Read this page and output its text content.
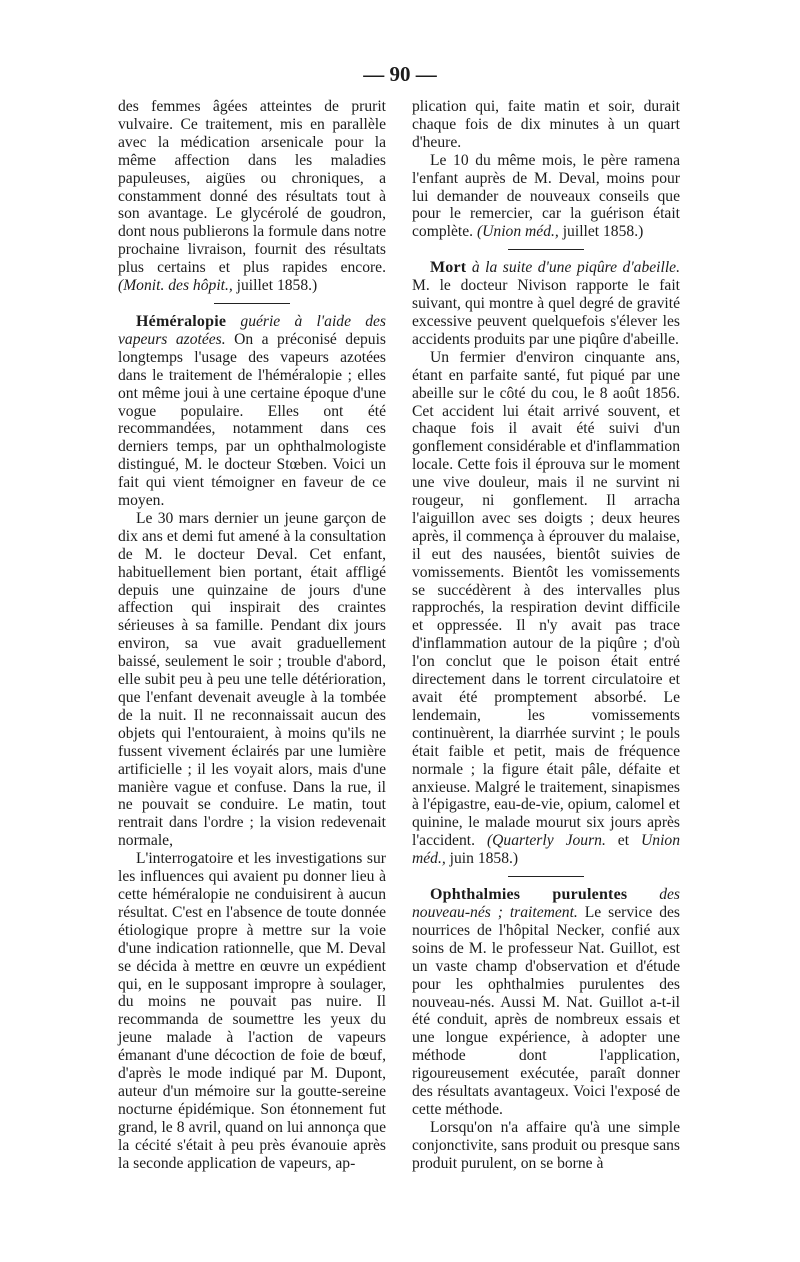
— 90 —

des femmes âgées atteintes de prurit vulvaire. Ce traitement, mis en parallèle avec la médication arsenicale pour la même affection dans les maladies papuleuses, aigües ou chroniques, a constamment donné des résultats tout à son avantage. Le glycérolé de goudron, dont nous publierons la formule dans notre prochaine livraison, fournit des résultats plus certains et plus rapides encore. (Monit. des hôpit., juillet 1858.)

Héméralopie guérie à l'aide des vapeurs azotées. On a préconisé depuis longtemps l'usage des vapeurs azotées dans le traitement de l'héméralopie ; elles ont même joui à une certaine époque d'une vogue populaire. Elles ont été recommandées, notamment dans ces derniers temps, par un ophthalmologiste distingué, M. le docteur Stœben. Voici un fait qui vient témoigner en faveur de ce moyen.

Le 30 mars dernier un jeune garçon de dix ans et demi fut amené à la consultation de M. le docteur Deval. Cet enfant, habituellement bien portant, était affligé depuis une quinzaine de jours d'une affection qui inspirait des craintes sérieuses à sa famille. Pendant dix jours environ, sa vue avait graduellement baissé, seulement le soir ; trouble d'abord, elle subit peu à peu une telle détérioration, que l'enfant devenait aveugle à la tombée de la nuit. Il ne reconnaissait aucun des objets qui l'entouraient, à moins qu'ils ne fussent vivement éclairés par une lumière artificielle ; il les voyait alors, mais d'une manière vague et confuse. Dans la rue, il ne pouvait se conduire. Le matin, tout rentrait dans l'ordre ; la vision redevenait normale,

L'interrogatoire et les investigations sur les influences qui avaient pu donner lieu à cette héméralopie ne conduisirent à aucun résultat. C'est en l'absence de toute donnée étiologique propre à mettre sur la voie d'une indication rationnelle, que M. Deval se décida à mettre en œuvre un expédient qui, en le supposant impropre à soulager, du moins ne pouvait pas nuire. Il recommanda de soumettre les yeux du jeune malade à l'action de vapeurs émanant d'une décoction de foie de bœuf, d'après le mode indiqué par M. Dupont, auteur d'un mémoire sur la goutte-sereine nocturne épidémique. Son étonnement fut grand, le 8 avril, quand on lui annonça que la cécité s'était à peu près évanouie après la seconde application de vapeurs, ap-

plication qui, faite matin et soir, durait chaque fois de dix minutes à un quart d'heure.

Le 10 du même mois, le père ramena l'enfant auprès de M. Deval, moins pour lui demander de nouveaux conseils que pour le remercier, car la guérison était complète. (Union méd., juillet 1858.)

Mort à la suite d'une piqûre d'abeille. M. le docteur Nivison rapporte le fait suivant, qui montre à quel degré de gravité excessive peuvent quelquefois s'élever les accidents produits par une piqûre d'abeille.

Un fermier d'environ cinquante ans, étant en parfaite santé, fut piqué par une abeille sur le côté du cou, le 8 août 1856. Cet accident lui était arrivé souvent, et chaque fois il avait été suivi d'un gonflement considérable et d'inflammation locale. Cette fois il éprouva sur le moment une vive douleur, mais il ne survint ni rougeur, ni gonflement. Il arracha l'aiguillon avec ses doigts ; deux heures après, il commença à éprouver du malaise, il eut des nausées, bientôt suivies de vomissements. Bientôt les vomissements se succédèrent à des intervalles plus rapprochés, la respiration devint difficile et oppressée. Il n'y avait pas trace d'inflammation autour de la piqûre ; d'où l'on conclut que le poison était entré directement dans le torrent circulatoire et avait été promptement absorbé. Le lendemain, les vomissements continuèrent, la diarrhée survint ; le pouls était faible et petit, mais de fréquence normale ; la figure était pâle, défaite et anxieuse. Malgré le traitement, sinapismes à l'épigastre, eau-de-vie, opium, calomel et quinine, le malade mourut six jours après l'accident. (Quarterly Journ. et Union méd., juin 1858.)

Ophthalmies purulentes des nouveau-nés ; traitement. Le service des nourrices de l'hôpital Necker, confié aux soins de M. le professeur Nat. Guillot, est un vaste champ d'observation et d'étude pour les ophthalmies purulentes des nouveau-nés. Aussi M. Nat. Guillot a-t-il été conduit, après de nombreux essais et une longue expérience, à adopter une méthode dont l'application, rigoureusement exécutée, paraît donner des résultats avantageux. Voici l'exposé de cette méthode.

Lorsqu'on n'a affaire qu'à une simple conjonctivite, sans produit ou presque sans produit purulent, on se borne à
